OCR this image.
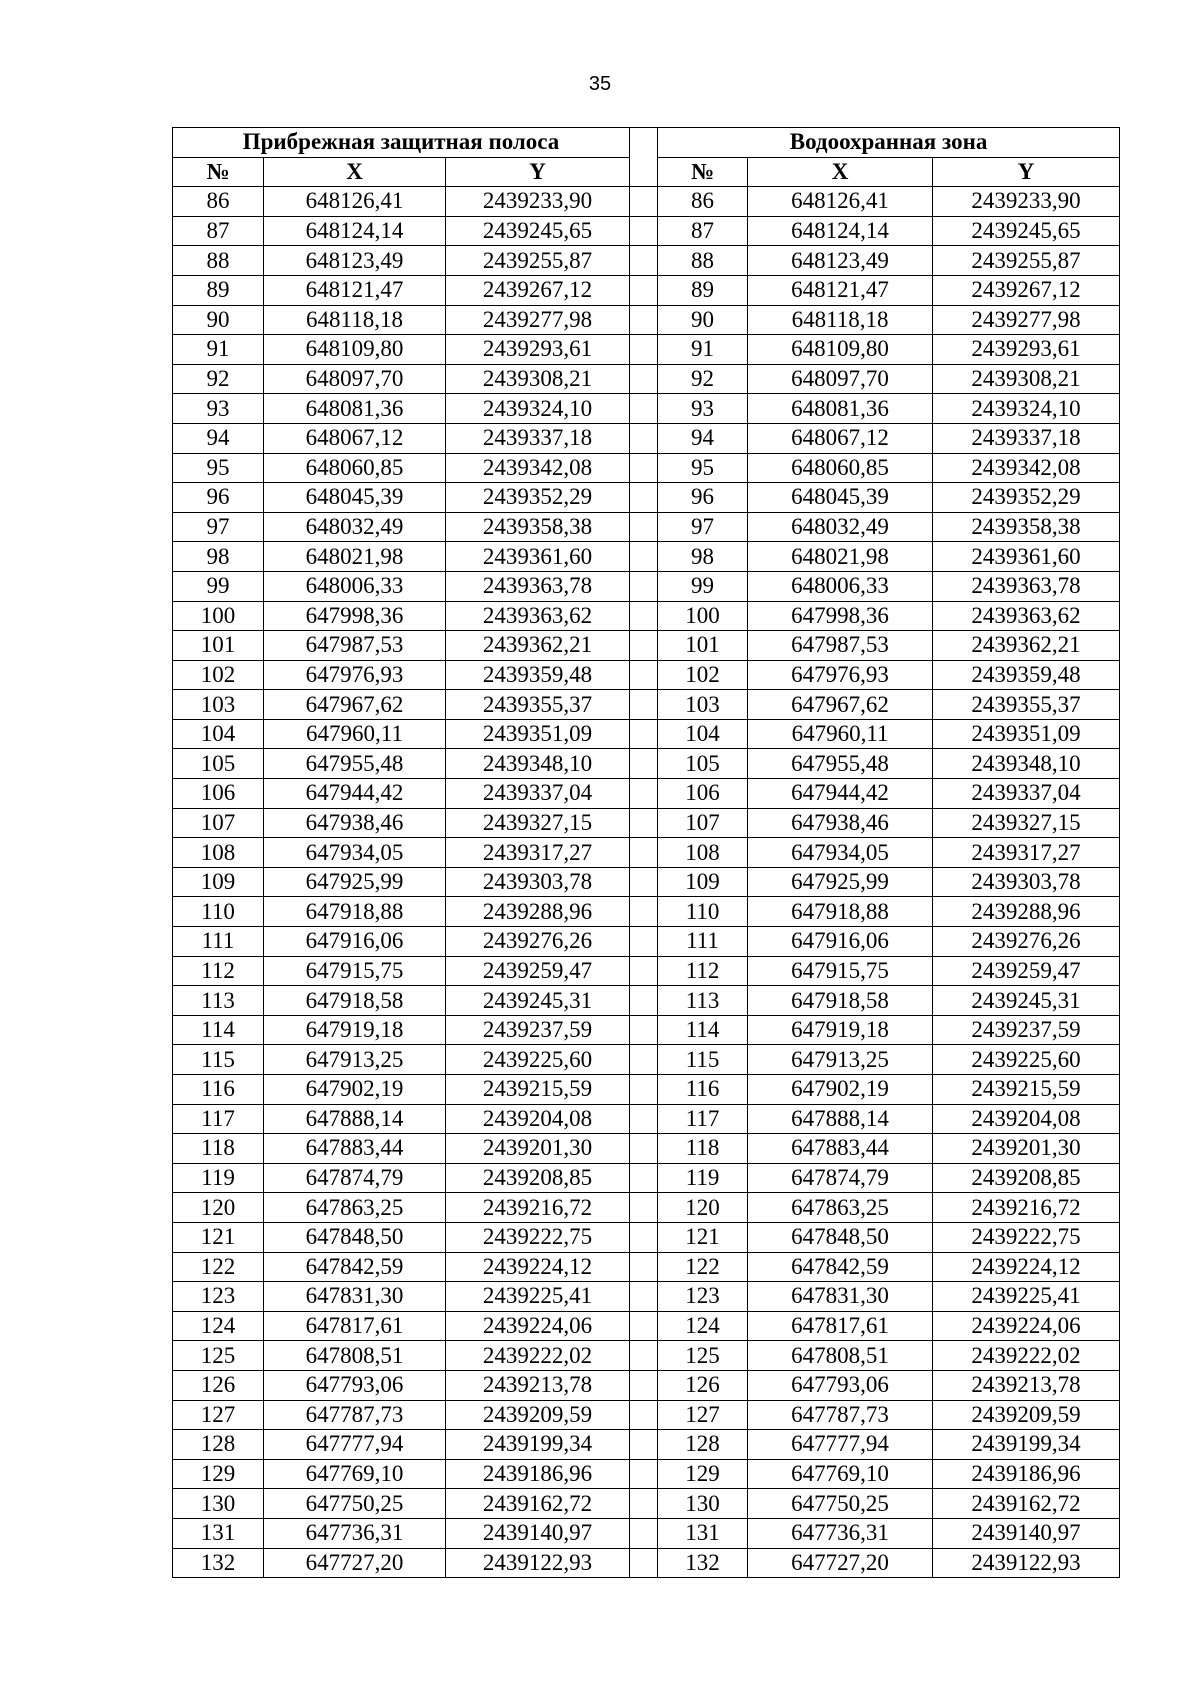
35
Прибрежная защитная полоса				Водоохранная зона		
№	X	Y		№	X	Y
86	648126,41	2439233,90		86	648126,41	2439233,90
87	648124,14	2439245,65		87	648124,14	2439245,65
88	648123,49	2439255,87		88	648123,49	2439255,87
89	648121,47	2439267,12		89	648121,47	2439267,12
90	648118,18	2439277,98		90	648118,18	2439277,98
91	648109,80	2439293,61		91	648109,80	2439293,61
92	648097,70	2439308,21		92	648097,70	2439308,21
93	648081,36	2439324,10		93	648081,36	2439324,10
94	648067,12	2439337,18		94	648067,12	2439337,18
95	648060,85	2439342,08		95	648060,85	2439342,08
96	648045,39	2439352,29		96	648045,39	2439352,29
97	648032,49	2439358,38		97	648032,49	2439358,38
98	648021,98	2439361,60		98	648021,98	2439361,60
99	648006,33	2439363,78		99	648006,33	2439363,78
100	647998,36	2439363,62		100	647998,36	2439363,62
101	647987,53	2439362,21		101	647987,53	2439362,21
102	647976,93	2439359,48		102	647976,93	2439359,48
103	647967,62	2439355,37		103	647967,62	2439355,37
104	647960,11	2439351,09		104	647960,11	2439351,09
105	647955,48	2439348,10		105	647955,48	2439348,10
106	647944,42	2439337,04		106	647944,42	2439337,04
107	647938,46	2439327,15		107	647938,46	2439327,15
108	647934,05	2439317,27		108	647934,05	2439317,27
109	647925,99	2439303,78		109	647925,99	2439303,78
110	647918,88	2439288,96		110	647918,88	2439288,96
111	647916,06	2439276,26		111	647916,06	2439276,26
112	647915,75	2439259,47		112	647915,75	2439259,47
113	647918,58	2439245,31		113	647918,58	2439245,31
114	647919,18	2439237,59		114	647919,18	2439237,59
115	647913,25	2439225,60		115	647913,25	2439225,60
116	647902,19	2439215,59		116	647902,19	2439215,59
117	647888,14	2439204,08		117	647888,14	2439204,08
118	647883,44	2439201,30		118	647883,44	2439201,30
119	647874,79	2439208,85		119	647874,79	2439208,85
120	647863,25	2439216,72		120	647863,25	2439216,72
121	647848,50	2439222,75		121	647848,50	2439222,75
122	647842,59	2439224,12		122	647842,59	2439224,12
123	647831,30	2439225,41		123	647831,30	2439225,41
124	647817,61	2439224,06		124	647817,61	2439224,06
125	647808,51	2439222,02		125	647808,51	2439222,02
126	647793,06	2439213,78		126	647793,06	2439213,78
127	647787,73	2439209,59		127	647787,73	2439209,59
128	647777,94	2439199,34		128	647777,94	2439199,34
129	647769,10	2439186,96		129	647769,10	2439186,96
130	647750,25	2439162,72		130	647750,25	2439162,72
131	647736,31	2439140,97		131	647736,31	2439140,97
132	647727,20	2439122,93		132	647727,20	2439122,93
